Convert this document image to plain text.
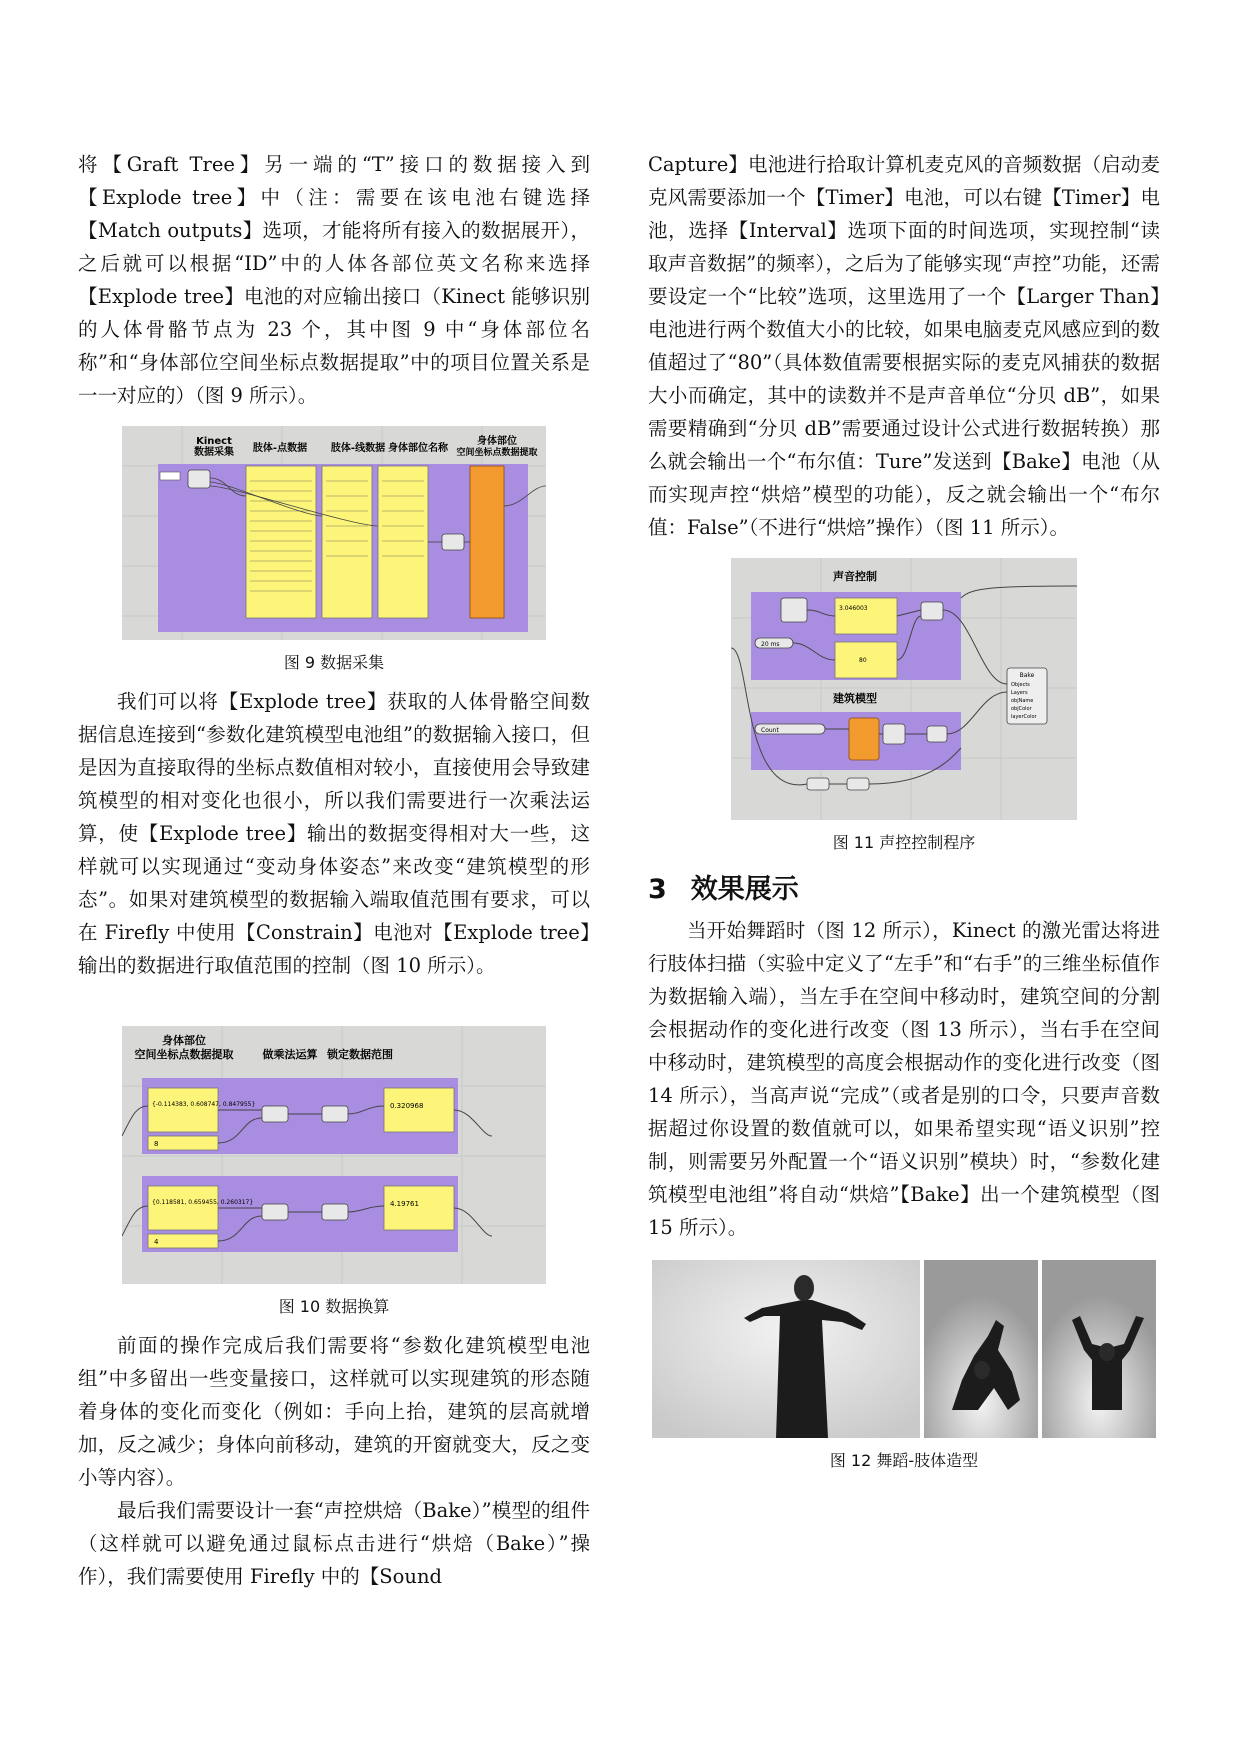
将【Graft Tree】另一端的“T”接口的数据接入到【Explode tree】中（注：需要在该电池右键选择【Match outputs】选项，才能将所有接入的数据展开），之后就可以根据“ID”中的人体各部位英文名称来选择【Explode tree】电池的对应输出接口（Kinect 能够识别的人体骨骼节点为 23 个，其中图 9 中“身体部位名称”和“身体部位空间坐标点数据提取”中的项目位置关系是一一对应的）（图 9 所示）。

Kinect
数据采集 肢体-点数据 肢体-线数据 身体部位名称
身体部位
空间坐标点数据提取
图 9 数据采集

我们可以将【Explode tree】获取的人体骨骼空间数据信息连接到“参数化建筑模型电池组”的数据输入接口，但是因为直接取得的坐标点数值相对较小，直接使用会导致建筑模型的相对变化也很小，所以我们需要进行一次乘法运算，使【Explode tree】输出的数据变得相对大一些，这样就可以实现通过“变动身体姿态”来改变“建筑模型的形态”。如果对建筑模型的数据输入端取值范围有要求，可以在 Firefly 中使用【Constrain】电池对【Explode tree】输出的数据进行取值范围的控制（图 10 所示）。

身体部位
空间坐标点数据提取	做乘法运算 锁定数据范围
{-0.114383, 0.608747, 0.847955}
8
0.320968
{0.118581, 0.659455, 0.260317}
4
4.19761
图 10 数据换算

前面的操作完成后我们需要将“参数化建筑模型电池组”中多留出一些变量接口，这样就可以实现建筑的形态随着身体的变化而变化（例如：手向上抬，建筑的层高就增加，反之减少；身体向前移动，建筑的开窗就变大，反之变小等内容）。

最后我们需要设计一套“声控烘焙（Bake）”模型的组件（这样就可以避免通过鼠标点击进行“烘焙（Bake）”操作），我们需要使用 Firefly 中的【Sound

Capture】电池进行拾取计算机麦克风的音频数据（启动麦克风需要添加一个【Timer】电池，可以右键【Timer】电池，选择【Interval】选项下面的时间选项，实现控制“读取声音数据”的频率），之后为了能够实现“声控”功能，还需要设定一个“比较”选项，这里选用了一个【Larger Than】电池进行两个数值大小的比较，如果电脑麦克风感应到的数值超过了“80”（具体数值需要根据实际的麦克风捕获的数据大小而确定，其中的读数并不是声音单位“分贝 dB”，如果需要精确到“分贝 dB”需要通过设计公式进行数据转换）那么就会输出一个“布尔值：Ture”发送到【Bake】电池（从而实现声控“烘焙”模型的功能），反之就会输出一个“布尔值：False”（不进行“烘焙”操作）（图 11 所示）。

声音控制
20 ms
3.046003
80
建筑模型
Count
Bake
Objects
Layers
objName
objColor
layerColor
图 11 声控控制程序
3 效果展示

当开始舞蹈时（图 12 所示），Kinect 的激光雷达将进行肢体扫描（实验中定义了“左手”和“右手”的三维坐标值作为数据输入端），当左手在空间中移动时，建筑空间的分割会根据动作的变化进行改变（图 13 所示），当右手在空间中移动时，建筑模型的高度会根据动作的变化进行改变（图 14 所示），当高声说“完成”（或者是别的口令，只要声音数据超过你设置的数值就可以，如果希望实现“语义识别”控制，则需要另外配置一个“语义识别”模块）时，“参数化建筑模型电池组”将自动“烘焙”【Bake】出一个建筑模型（图 15 所示）。

图 12 舞蹈-肢体造型
